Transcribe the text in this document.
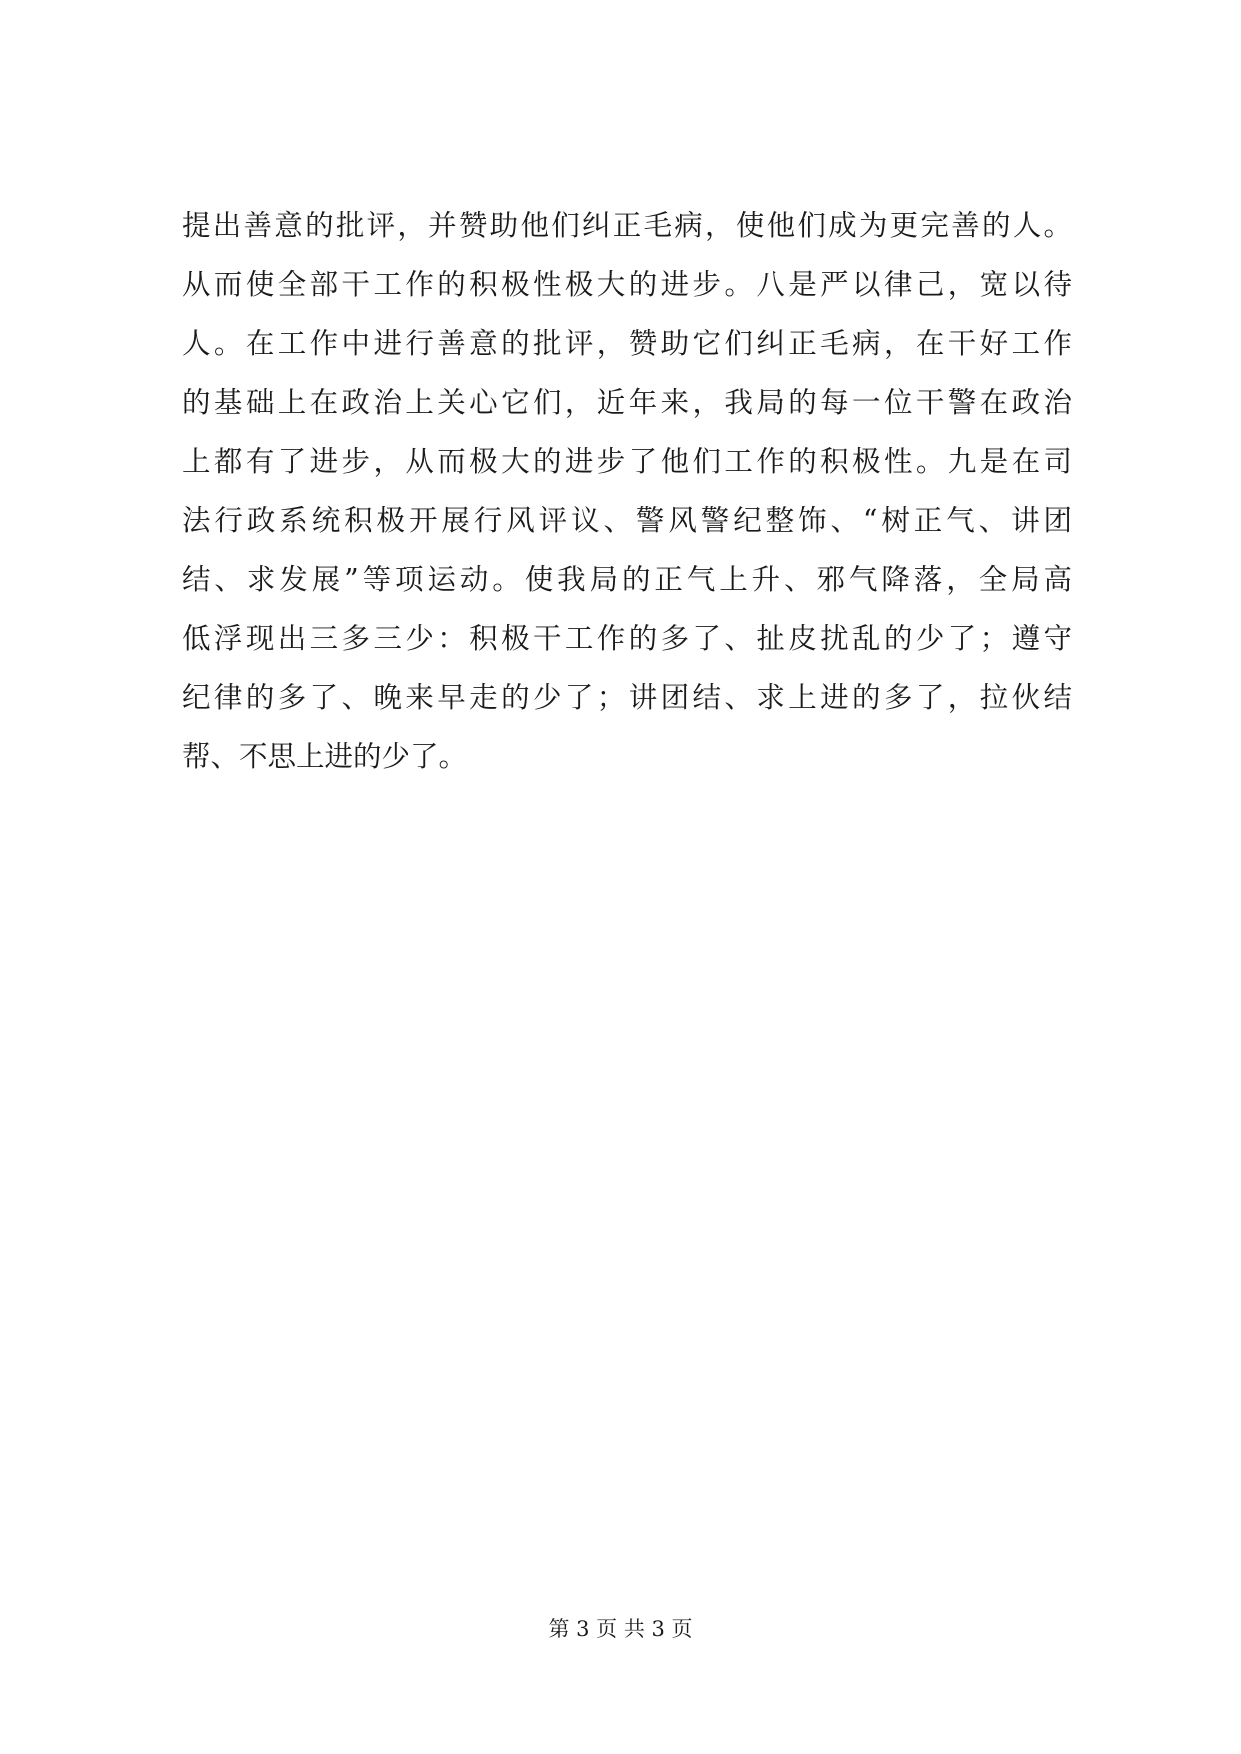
提出善意的批评，并赞助他们纠正毛病，使他们成为更完善的人。
从而使全部干工作的积极性极大的进步。八是严以律己，宽以待
人。在工作中进行善意的批评，赞助它们纠正毛病，在干好工作
的基础上在政治上关心它们，近年来，我局的每一位干警在政治
上都有了进步，从而极大的进步了他们工作的积极性。九是在司
法行政系统积极开展行风评议、警风警纪整饰、“树正气、讲团
结、求发展”等项运动。使我局的正气上升、邪气降落，全局高
低浮现出三多三少：积极干工作的多了、扯皮扰乱的少了；遵守
纪律的多了、晚来早走的少了；讲团结、求上进的多了，拉伙结
帮、不思上进的少了。
第 3 页 共 3 页
